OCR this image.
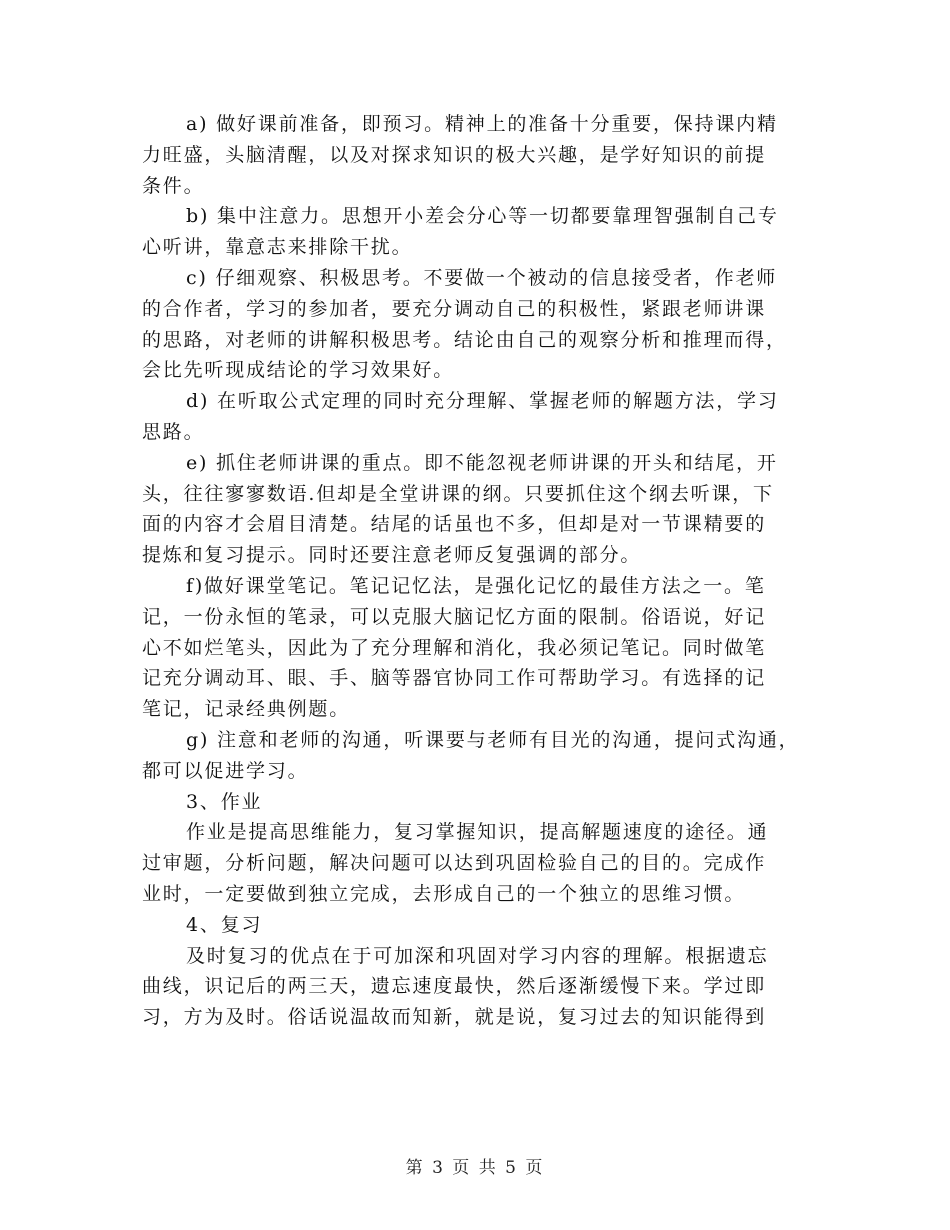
a) 做好课前准备，即预习。精神上的准备十分重要，保持课内精
力旺盛，头脑清醒，以及对探求知识的极大兴趣，是学好知识的前提
条件。
b) 集中注意力。思想开小差会分心等一切都要靠理智强制自己专
心听讲，靠意志来排除干扰。
c) 仔细观察、积极思考。不要做一个被动的信息接受者，作老师
的合作者，学习的参加者，要充分调动自己的积极性，紧跟老师讲课
的思路，对老师的讲解积极思考。结论由自己的观察分析和推理而得，
会比先听现成结论的学习效果好。
d) 在听取公式定理的同时充分理解、掌握老师的解题方法，学习
思路。
e) 抓住老师讲课的重点。即不能忽视老师讲课的开头和结尾，开
头，往往寥寥数语.但却是全堂讲课的纲。只要抓住这个纲去听课，下
面的内容才会眉目清楚。结尾的话虽也不多，但却是对一节课精要的
提炼和复习提示。同时还要注意老师反复强调的部分。
f)做好课堂笔记。笔记记忆法，是强化记忆的最佳方法之一。笔
记，一份永恒的笔录，可以克服大脑记忆方面的限制。俗语说，好记
心不如烂笔头，因此为了充分理解和消化，我必须记笔记。同时做笔
记充分调动耳、眼、手、脑等器官协同工作可帮助学习。有选择的记
笔记，记录经典例题。
g) 注意和老师的沟通，听课要与老师有目光的沟通，提问式沟通，
都可以促进学习。
3、作业
作业是提高思维能力，复习掌握知识，提高解题速度的途径。通
过审题，分析问题，解决问题可以达到巩固检验自己的目的。完成作
业时，一定要做到独立完成，去形成自己的一个独立的思维习惯。
4、复习
及时复习的优点在于可加深和巩固对学习内容的理解。根据遗忘
曲线，识记后的两三天，遗忘速度最快，然后逐渐缓慢下来。学过即
习，方为及时。俗话说温故而知新，就是说，复习过去的知识能得到
第 3 页 共 5 页
